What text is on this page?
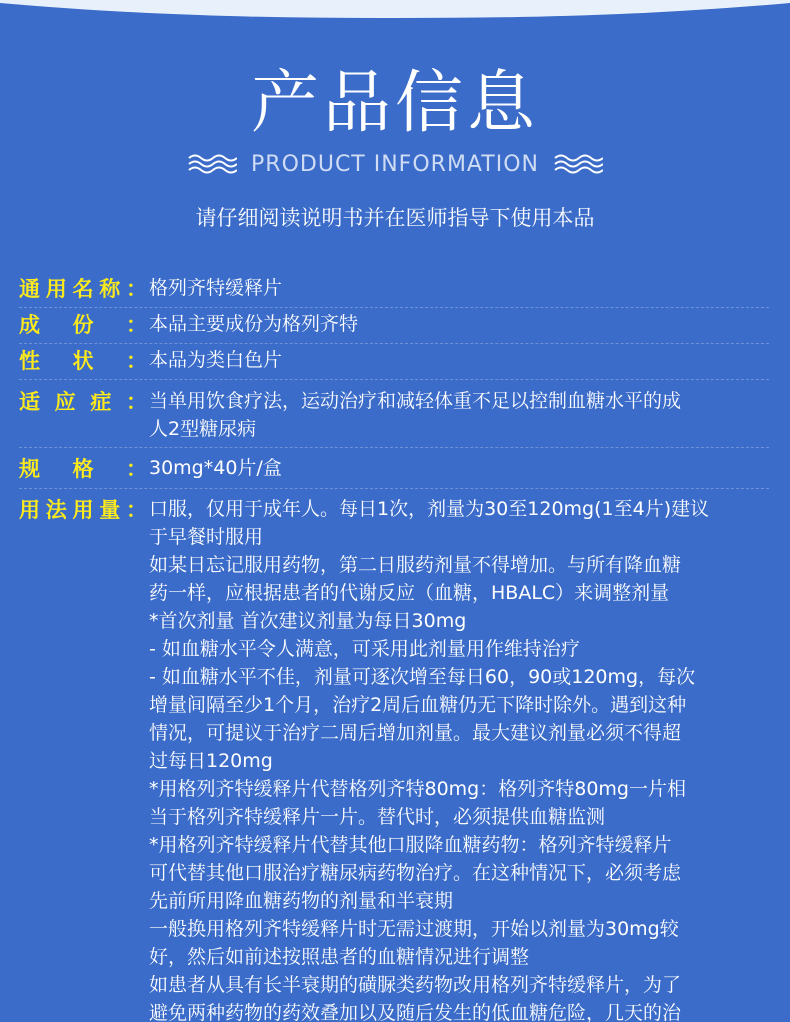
产品信息
PRODUCT INFORMATION
请仔细阅读说明书并在医师指导下使用本品
通 用 名 称 ： 格列齐特缓释片

成 份 ： 本品主要成份为格列齐特

性 状 ： 本品为类白色片

适 应 症 ： 当单用饮食疗法，运动治疗和减轻体重不足以控制血糖水平的成

人2型糖尿病

规 格 ： 30mg*40片/盒

用 法 用 量 ： 口服，仅用于成年人。每日1次，剂量为30至120mg(1至4片)建议

于早餐时服用

如某日忘记服用药物，第二日服药剂量不得增加。与所有降血糖

药一样，应根据患者的代谢反应（血糖，HBALC）来调整剂量

*首次剂量 首次建议剂量为每日30mg

- 如血糖水平令人满意，可采用此剂量用作维持治疗

- 如血糖水平不佳，剂量可逐次增至每日60，90或120mg，每次

增量间隔至少1个月，治疗2周后血糖仍无下降时除外。遇到这种

情况，可提议于治疗二周后增加剂量。最大建议剂量必须不得超

过每日120mg

*用格列齐特缓释片代替格列齐特80mg：格列齐特80mg一片相

当于格列齐特缓释片一片。替代时，必须提供血糖监测

*用格列齐特缓释片代替其他口服降血糖药物：格列齐特缓释片

可代替其他口服治疗糖尿病药物治疗。在这种情况下，必须考虑

先前所用降血糖药物的剂量和半衰期

一般换用格列齐特缓释片时无需过渡期，开始以剂量为30mg较

好，然后如前述按照患者的血糖情况进行调整

如患者从具有长半衰期的磺脲类药物改用格列齐特缓释片，为了

避免两种药物的药效叠加以及随后发生的低血糖危险，几天的治
